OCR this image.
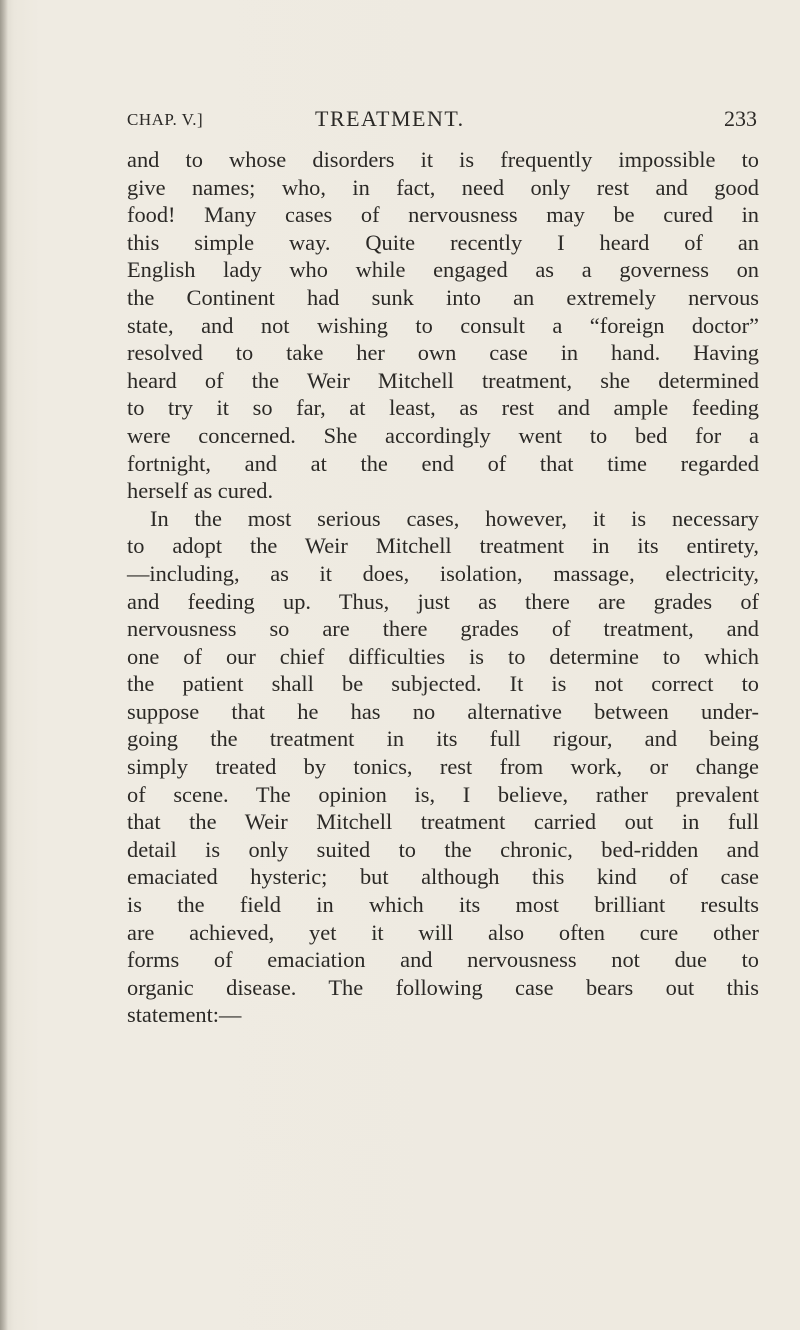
CHAP. V.]	TREATMENT.	233
and to whose disorders it is frequently impossible to
give names; who, in fact, need only rest and good
food! Many cases of nervousness may be cured in
this simple way. Quite recently I heard of an
English lady who while engaged as a governess on
the Continent had sunk into an extremely nervous
state, and not wishing to consult a “foreign doctor”
resolved to take her own case in hand. Having
heard of the Weir Mitchell treatment, she determined
to try it so far, at least, as rest and ample feeding
were concerned. She accordingly went to bed for a
fortnight, and at the end of that time regarded
herself as cured.
In the most serious cases, however, it is necessary
to adopt the Weir Mitchell treatment in its entirety,
—including, as it does, isolation, massage, electricity,
and feeding up. Thus, just as there are grades of
nervousness so are there grades of treatment, and
one of our chief difficulties is to determine to which
the patient shall be subjected. It is not correct to
suppose that he has no alternative between under-
going the treatment in its full rigour, and being
simply treated by tonics, rest from work, or change
of scene. The opinion is, I believe, rather prevalent
that the Weir Mitchell treatment carried out in full
detail is only suited to the chronic, bed-ridden and
emaciated hysteric; but although this kind of case
is the field in which its most brilliant results
are achieved, yet it will also often cure other
forms of emaciation and nervousness not due to
organic disease. The following case bears out this
statement:—
